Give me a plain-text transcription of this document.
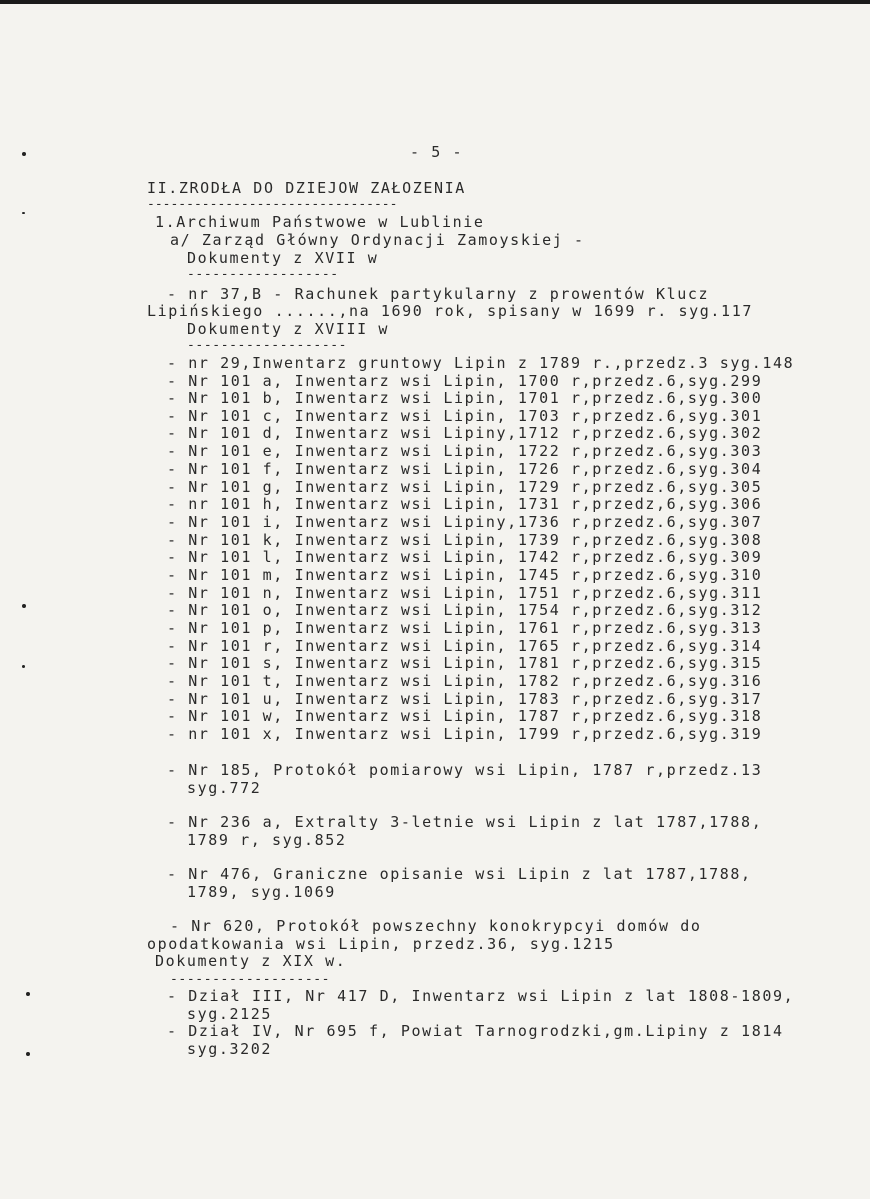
- 5 -
II.ZRODŁA DO DZIEJOW ZAŁOZENIA
--------------------------------
1.Archiwum Państwowe w Lublinie
a/ Zarząd Główny Ordynacji Zamoyskiej -
Dokumenty z XVII w
------------------
- nr 37,B - Rachunek partykularny z prowentów Klucz
Lipińskiego ......,na 1690 rok, spisany w 1699 r. syg.117
Dokumenty z XVIII w
-------------------
- nr 29,Inwentarz gruntowy Lipin z 1789 r.,przedz.3 syg.148
- Nr 101 a, Inwentarz wsi Lipin, 1700 r,przedz.6,syg.299
- Nr 101 b, Inwentarz wsi Lipin, 1701 r,przedz.6,syg.300
- Nr 101 c, Inwentarz wsi Lipin, 1703 r,przedz.6,syg.301
- Nr 101 d, Inwentarz wsi Lipiny,1712 r,przedz.6,syg.302
- Nr 101 e, Inwentarz wsi Lipin, 1722 r,przedz.6,syg.303
- Nr 101 f, Inwentarz wsi Lipin, 1726 r,przedz.6,syg.304
- Nr 101 g, Inwentarz wsi Lipin, 1729 r,przedz.6,syg.305
- nr 101 h, Inwentarz wsi Lipin, 1731 r,przedz,6,syg.306
- Nr 101 i, Inwentarz wsi Lipiny,1736 r,przedz.6,syg.307
- Nr 101 k, Inwentarz wsi Lipin, 1739 r,przedz.6,syg.308
- Nr 101 l, Inwentarz wsi Lipin, 1742 r,przedz.6,syg.309
- Nr 101 m, Inwentarz wsi Lipin, 1745 r,przedz.6,syg.310
- Nr 101 n, Inwentarz wsi Lipin, 1751 r,przedz.6,syg.311
- Nr 101 o, Inwentarz wsi Lipin, 1754 r,przedz.6,syg.312
- Nr 101 p, Inwentarz wsi Lipin, 1761 r,przedz.6,syg.313
- Nr 101 r, Inwentarz wsi Lipin, 1765 r,przedz.6,syg.314
- Nr 101 s, Inwentarz wsi Lipin, 1781 r,przedz.6,syg.315
- Nr 101 t, Inwentarz wsi Lipin, 1782 r,przedz.6,syg.316
- Nr 101 u, Inwentarz wsi Lipin, 1783 r,przedz.6,syg.317
- Nr 101 w, Inwentarz wsi Lipin, 1787 r,przedz.6,syg.318
- nr 101 x, Inwentarz wsi Lipin, 1799 r,przedz.6,syg.319
- Nr 185, Protokół pomiarowy wsi Lipin, 1787 r,przedz.13
syg.772
- Nr 236 a, Extralty 3-letnie wsi Lipin z lat 1787,1788,
1789 r, syg.852
- Nr 476, Graniczne opisanie wsi Lipin z lat 1787,1788,
1789, syg.1069
- Nr 620, Protokół powszechny konokrypcyi domów do
opodatkowania wsi Lipin, przedz.36, syg.1215
Dokumenty z XIX w.
-------------------
- Dział III, Nr 417 D, Inwentarz wsi Lipin z lat 1808-1809,
syg.2125
- Dział IV, Nr 695 f, Powiat Tarnogrodzki,gm.Lipiny z 1814
syg.3202
